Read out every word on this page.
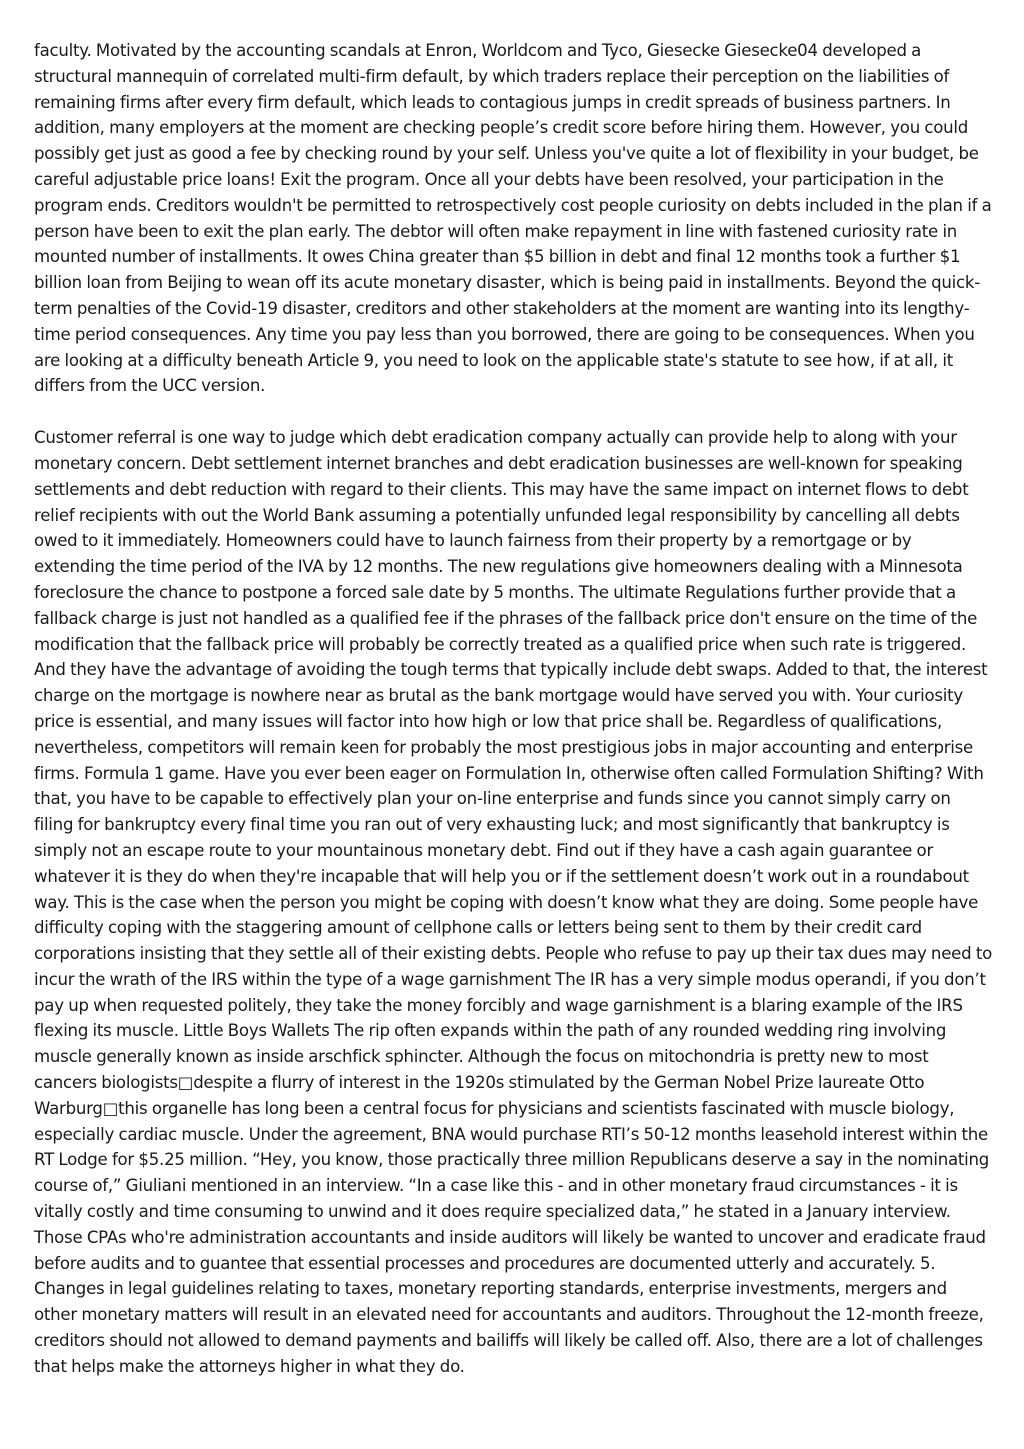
faculty. Motivated by the accounting scandals at Enron, Worldcom and Tyco, Giesecke Giesecke04 developed a structural mannequin of correlated multi-firm default, by which traders replace their perception on the liabilities of remaining firms after every firm default, which leads to contagious jumps in credit spreads of business partners. In addition, many employers at the moment are checking people’s credit score before hiring them. However, you could possibly get just as good a fee by checking round by your self. Unless you've quite a lot of flexibility in your budget, be careful adjustable price loans! Exit the program. Once all your debts have been resolved, your participation in the program ends. Creditors wouldn't be permitted to retrospectively cost people curiosity on debts included in the plan if a person have been to exit the plan early. The debtor will often make repayment in line with fastened curiosity rate in mounted number of installments. It owes China greater than $5 billion in debt and final 12 months took a further $1 billion loan from Beijing to wean off its acute monetary disaster, which is being paid in installments. Beyond the quick-term penalties of the Covid-19 disaster, creditors and other stakeholders at the moment are wanting into its lengthy-time period consequences. Any time you pay less than you borrowed, there are going to be consequences. When you are looking at a difficulty beneath Article 9, you need to look on the applicable state's statute to see how, if at all, it differs from the UCC version.

Customer referral is one way to judge which debt eradication company actually can provide help to along with your monetary concern. Debt settlement internet branches and debt eradication businesses are well-known for speaking settlements and debt reduction with regard to their clients. This may have the same impact on internet flows to debt relief recipients with out the World Bank assuming a potentially unfunded legal responsibility by cancelling all debts owed to it immediately. Homeowners could have to launch fairness from their property by a remortgage or by extending the time period of the IVA by 12 months. The new regulations give homeowners dealing with a Minnesota foreclosure the chance to postpone a forced sale date by 5 months. The ultimate Regulations further provide that a fallback charge is just not handled as a qualified fee if the phrases of the fallback price don't ensure on the time of the modification that the fallback price will probably be correctly treated as a qualified price when such rate is triggered. And they have the advantage of avoiding the tough terms that typically include debt swaps. Added to that, the interest charge on the mortgage is nowhere near as brutal as the bank mortgage would have served you with. Your curiosity price is essential, and many issues will factor into how high or low that price shall be. Regardless of qualifications, nevertheless, competitors will remain keen for probably the most prestigious jobs in major accounting and enterprise firms. Formula 1 game. Have you ever been eager on Formulation In, otherwise often called Formulation Shifting? With that, you have to be capable to effectively plan your on-line enterprise and funds since you cannot simply carry on filing for bankruptcy every final time you ran out of very exhausting luck; and most significantly that bankruptcy is simply not an escape route to your mountainous monetary debt. Find out if they have a cash again guarantee or whatever it is they do when they're incapable that will help you or if the settlement doesn’t work out in a roundabout way. This is the case when the person you might be coping with doesn’t know what they are doing. Some people have difficulty coping with the staggering amount of cellphone calls or letters being sent to them by their credit card corporations insisting that they settle all of their existing debts. People who refuse to pay up their tax dues may need to incur the wrath of the IRS within the type of a wage garnishment The IR has a very simple modus operandi, if you don’t pay up when requested politely, they take the money forcibly and wage garnishment is a blaring example of the IRS flexing its muscle. Little Boys Wallets The rip often expands within the path of any rounded wedding ring involving muscle generally known as inside arschfick sphincter. Although the focus on mitochondria is pretty new to most cancers biologists□despite a flurry of interest in the 1920s stimulated by the German Nobel Prize laureate Otto Warburg□this organelle has long been a central focus for physicians and scientists fascinated with muscle biology, especially cardiac muscle. Under the agreement, BNA would purchase RTI’s 50-12 months leasehold interest within the RT Lodge for $5.25 million. “Hey, you know, those practically three million Republicans deserve a say in the nominating course of,” Giuliani mentioned in an interview. “In a case like this - and in other monetary fraud circumstances - it is vitally costly and time consuming to unwind and it does require specialized data,” he stated in a January interview. Those CPAs who're administration accountants and inside auditors will likely be wanted to uncover and eradicate fraud before audits and to guantee that essential processes and procedures are documented utterly and accurately. 5. Changes in legal guidelines relating to taxes, monetary reporting standards, enterprise investments, mergers and other monetary matters will result in an elevated need for accountants and auditors. Throughout the 12-month freeze, creditors should not allowed to demand payments and bailiffs will likely be called off. Also, there are a lot of challenges that helps make the attorneys higher in what they do.
